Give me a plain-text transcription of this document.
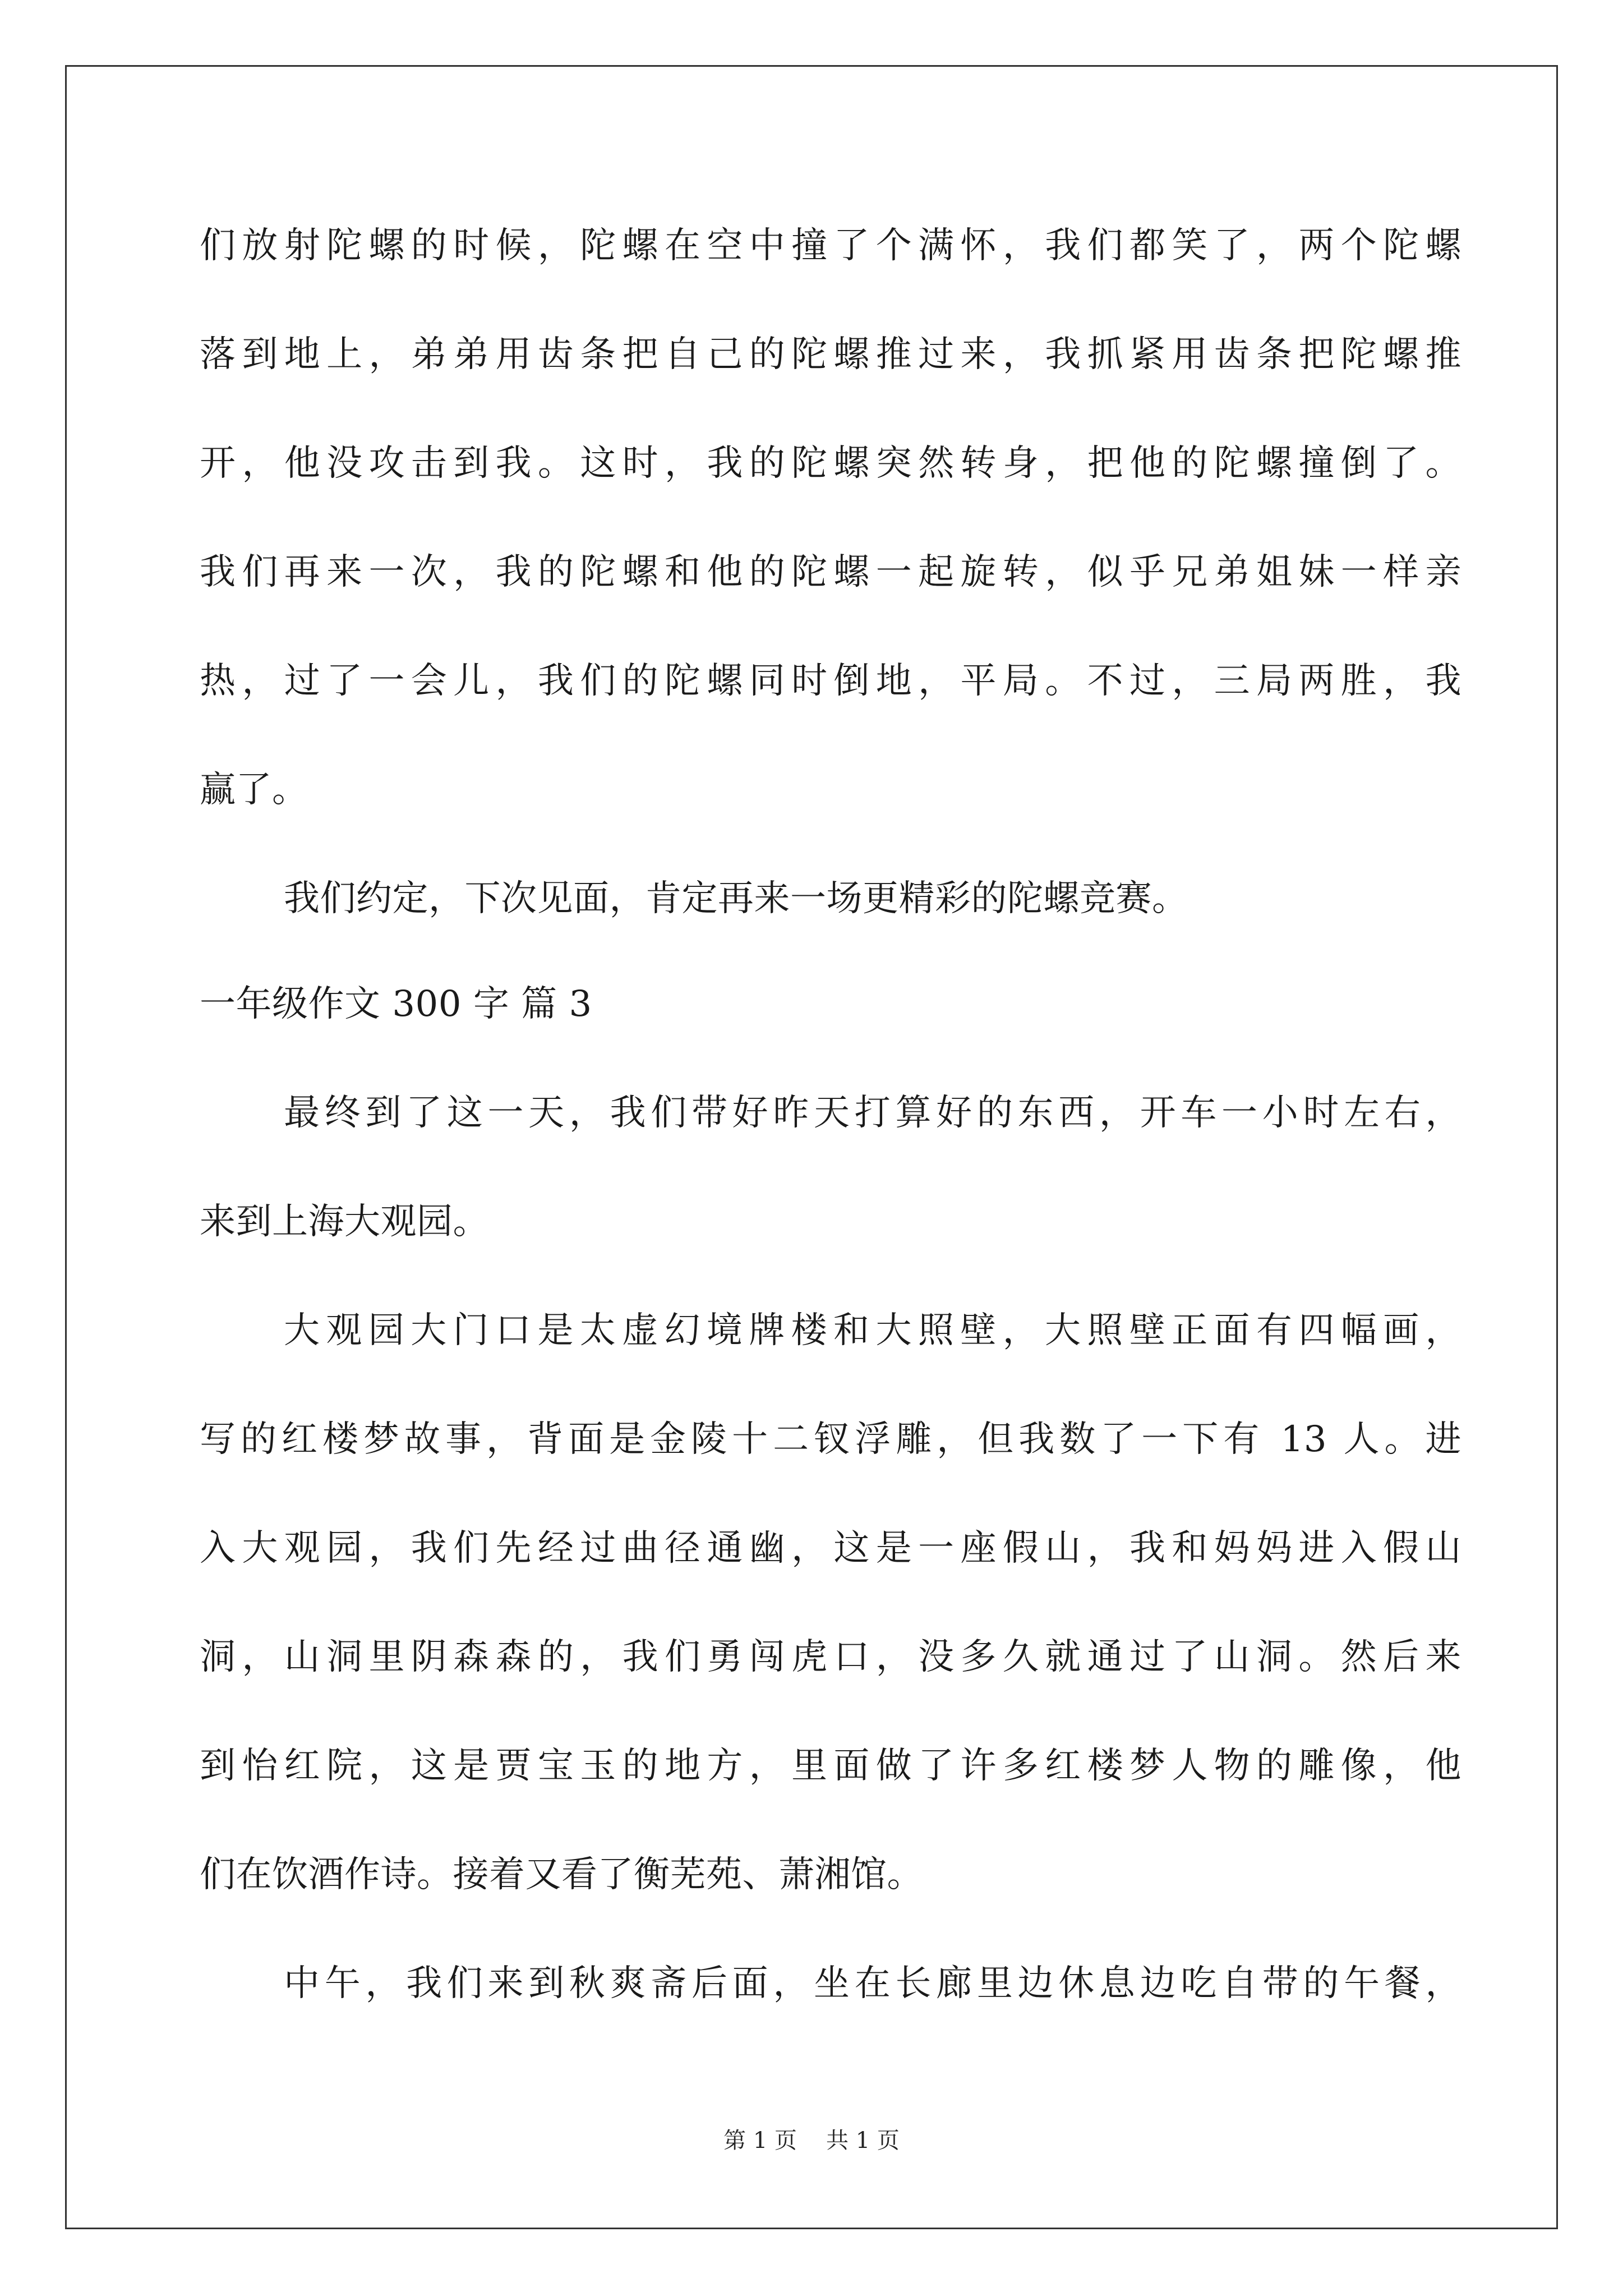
们放射陀螺的时候，陀螺在空中撞了个满怀，我们都笑了，两个陀螺
落到地上，弟弟用齿条把自己的陀螺推过来，我抓紧用齿条把陀螺推
开，他没攻击到我。这时，我的陀螺突然转身，把他的陀螺撞倒了。
我们再来一次，我的陀螺和他的陀螺一起旋转，似乎兄弟姐妹一样亲
热，过了一会儿，我们的陀螺同时倒地，平局。不过，三局两胜，我
赢了。
我们约定，下次见面，肯定再来一场更精彩的陀螺竞赛。
一年级作文 300 字 篇 3
最终到了这一天，我们带好昨天打算好的东西，开车一小时左右，
来到上海大观园。
大观园大门口是太虚幻境牌楼和大照壁，大照壁正面有四幅画，
写的红楼梦故事，背面是金陵十二钗浮雕，但我数了一下有 13 人。进
入大观园，我们先经过曲径通幽，这是一座假山，我和妈妈进入假山
洞，山洞里阴森森的，我们勇闯虎口，没多久就通过了山洞。然后来
到怡红院，这是贾宝玉的地方，里面做了许多红楼梦人物的雕像，他
们在饮酒作诗。接着又看了衡芜苑、萧湘馆。
中午，我们来到秋爽斋后面，坐在长廊里边休息边吃自带的午餐，
第 1 页 共 1 页
